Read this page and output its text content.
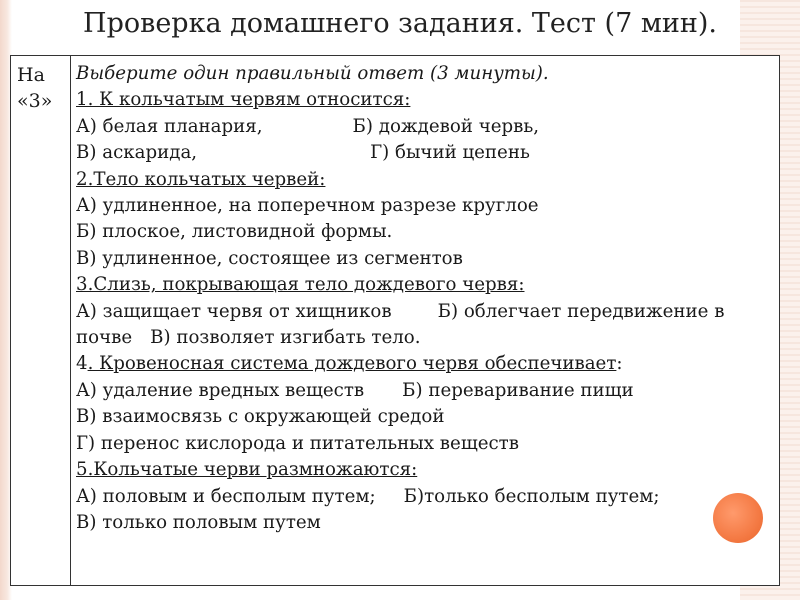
Проверка домашнего задания. Тест (7 мин).
На
«3»

Выберите один правильный ответ (3 минуты).
1. К кольчатым червям относится:
А) белая планария,	Б) дождевой червь,
В) аскарида,	Г) бычий цепень
2.Тело кольчатых червей:
А) удлиненное, на поперечном разрезе круглое
Б) плоское, листовидной формы.
В) удлиненное, состоящее из сегментов
3.Слизь, покрывающая тело дождевого червя:
А) защищает червя от хищников	Б) облегчает передвижение в почве В) позволяет изгибать тело.
4. Кровеносная система дождевого червя обеспечивает:
А) удаление вредных веществ Б) переваривание пищи
В) взаимосвязь с окружающей средой
Г) перенос кислорода и питательных веществ
5.Кольчатые черви размножаются:
А) половым и бесполым путем; Б)только бесполым путем;
В) только половым путем
